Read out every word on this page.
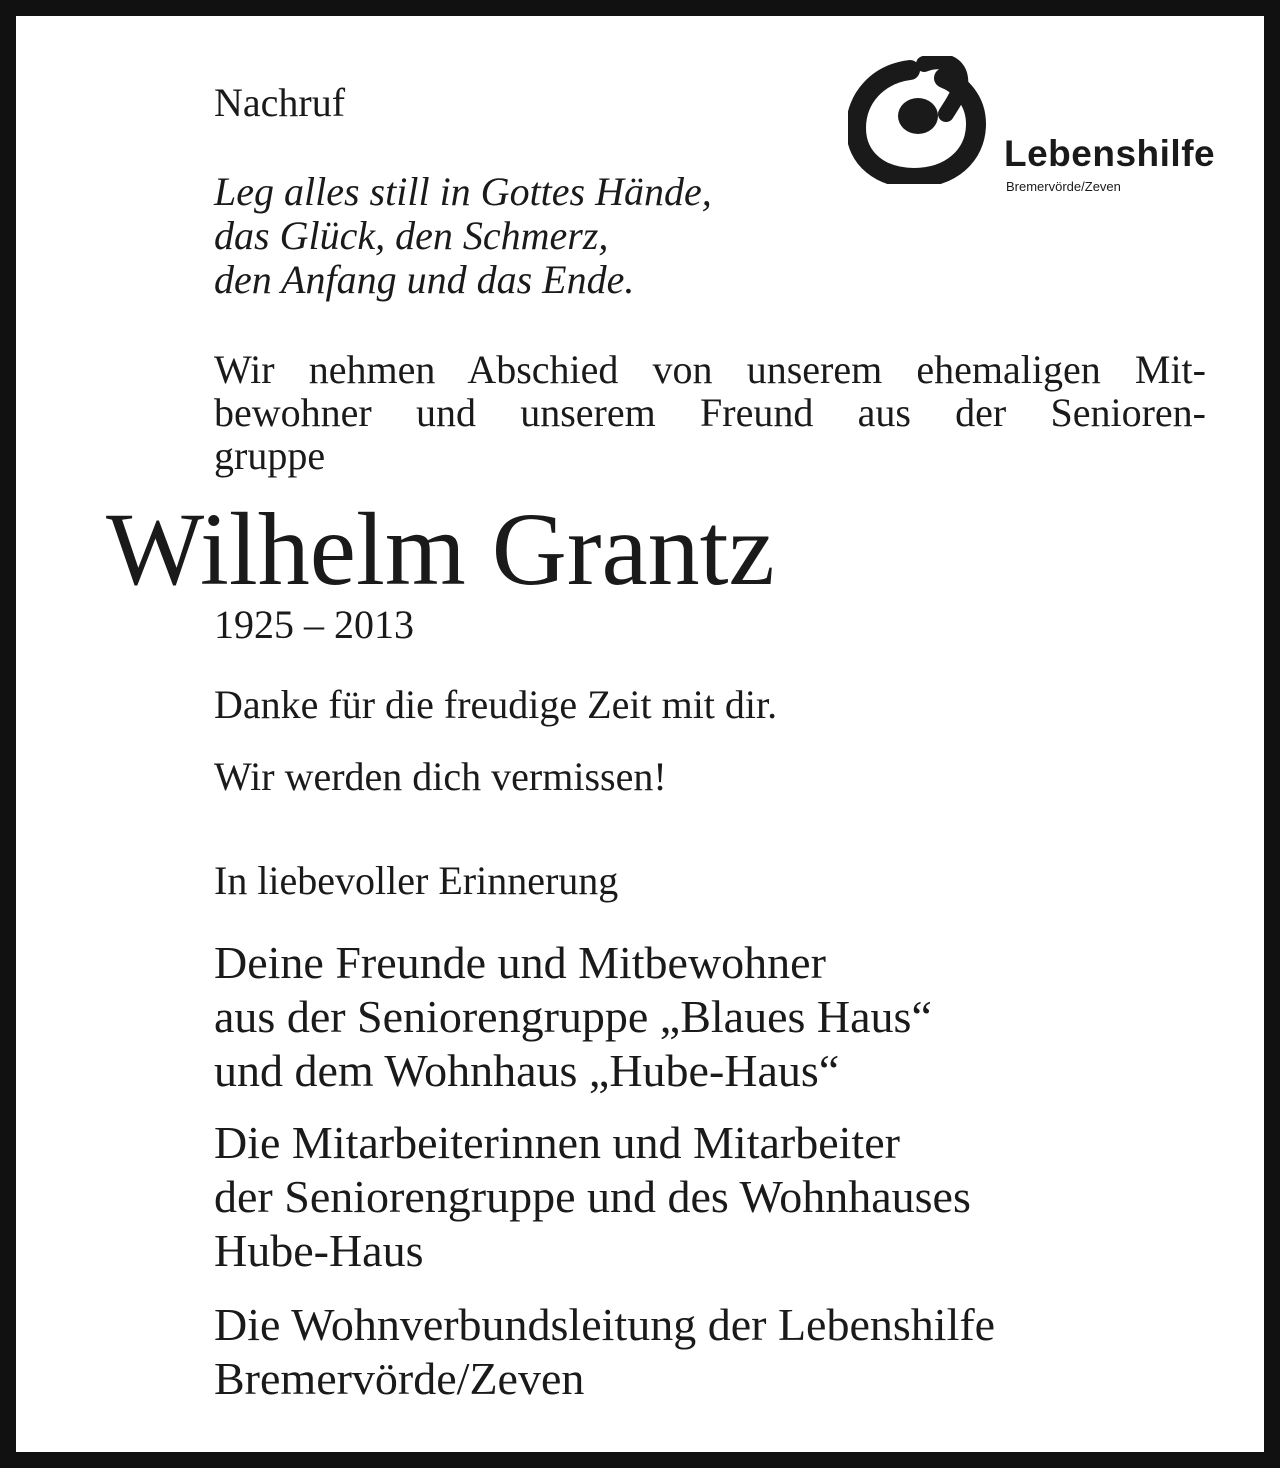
Nachruf

Lebenshilfe

Bremervörde/Zeven

Leg alles still in Gottes Hände,
das Glück, den Schmerz,
den Anfang und das Ende.
Wir nehmen Abschied von unserem ehemaligen Mit-
bewohner und unserem Freund aus der Senioren-
gruppe

Wilhelm Grantz

1925 – 2013

Danke für die freudige Zeit mit dir.

Wir werden dich vermissen!

In liebevoller Erinnerung

Deine Freunde und Mitbewohner
aus der Seniorengruppe „Blaues Haus“
und dem Wohnhaus „Hube-Haus“
Die Mitarbeiterinnen und Mitarbeiter
der Seniorengruppe und des Wohnhauses
Hube-Haus
Die Wohnverbundsleitung der Lebenshilfe
Bremervörde/Zeven
